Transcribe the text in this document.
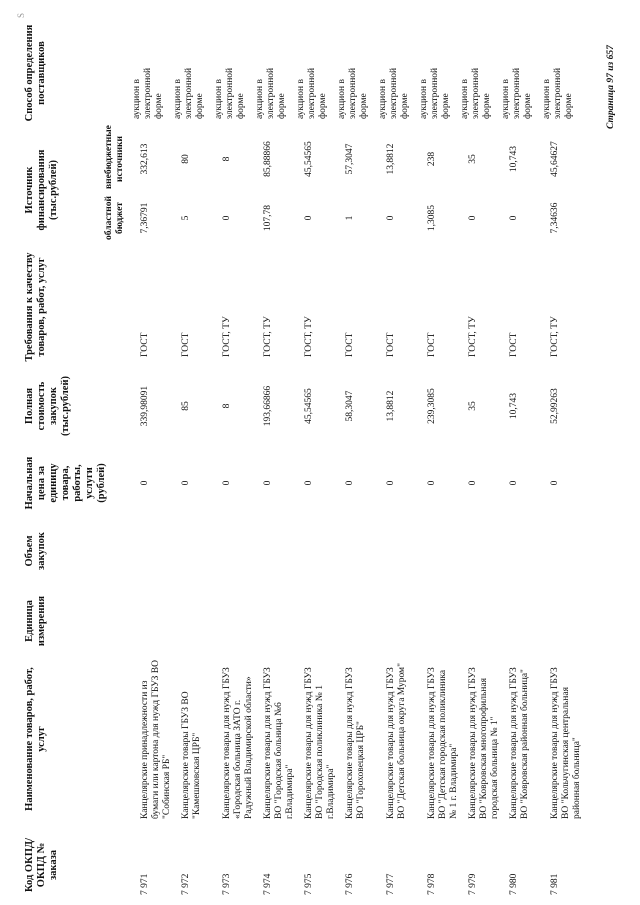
S
Код ОКПД/ ОКПД № заказа
Наименование товаров, работ, услуг
Единица измерения
Объем закупок
Начальная цена за единицу товара, работы, услуги (рублей)
Полная стоимость закупок (тыс.рублей)
Требования к качеству товаров, работ, услуг
Источник финансирования (тыс.рублей)	областной бюджет
внебюджетные источники
Способ определения поставщиков
7 971
Канцелярские принадлежности из бумаги или картона для нужд ГБУЗ ВО "Собинская РБ"
0
339,98091
ГОСТ
7,36791
332,613
аукцион в электронной форме
7 972
Канцелярские товары ГБУЗ ВО "Камешковская ЦРБ"
0
85
ГОСТ
5
80
аукцион в электронной форме
7 973
Канцелярские товары для нужд ГБУЗ «Городская больница ЗАТО г. Радужный Владимирской области»
0
8
ГОСТ, ТУ
0
8
аукцион в электронной форме
7 974
Канцелярские товары для нужд ГБУЗ ВО "Городская больница №6 г.Владимира"
0
193,66866
ГОСТ, ТУ
107,78
85,88866
аукцион в электронной форме
7 975
Канцелярские товары для нужд ГБУЗ ВО "Городская поликлиника № 1 г.Владимира"
0
45,54565
ГОСТ, ТУ
0
45,54565
аукцион в электронной форме
7 976
Канцелярские товары для нужд ГБУЗ ВО "Гороховецкая ЦРБ"
0
58,3047
ГОСТ
1
57,3047
аукцион в электронной форме
7 977
Канцелярские товары для нужд ГБУЗ ВО "Детская больница округа Муром"
0
13,8812
ГОСТ
0
13,8812
аукцион в электронной форме
7 978
Канцелярские товары для нужд ГБУЗ ВО "Детская городская поликлиника № 1 г. Владимира"
0
239,3085
ГОСТ
1,3085
238
аукцион в электронной форме
7 979
Канцелярские товары для нужд ГБУЗ ВО "Ковровская многопрофильная городская больница № 1"
0
35
ГОСТ, ТУ
0
35
аукцион в электронной форме
7 980
Канцелярские товары для нужд ГБУЗ ВО "Ковровская районная больница"
0
10,743
ГОСТ
0
10,743
аукцион в электронной форме
7 981
Канцелярские товары для нужд ГБУЗ ВО "Кольчугинская центральная районная больница"
0
52,99263
ГОСТ, ТУ
7,34636
45,64627
аукцион в электронной форме	Страница 97 из 657
